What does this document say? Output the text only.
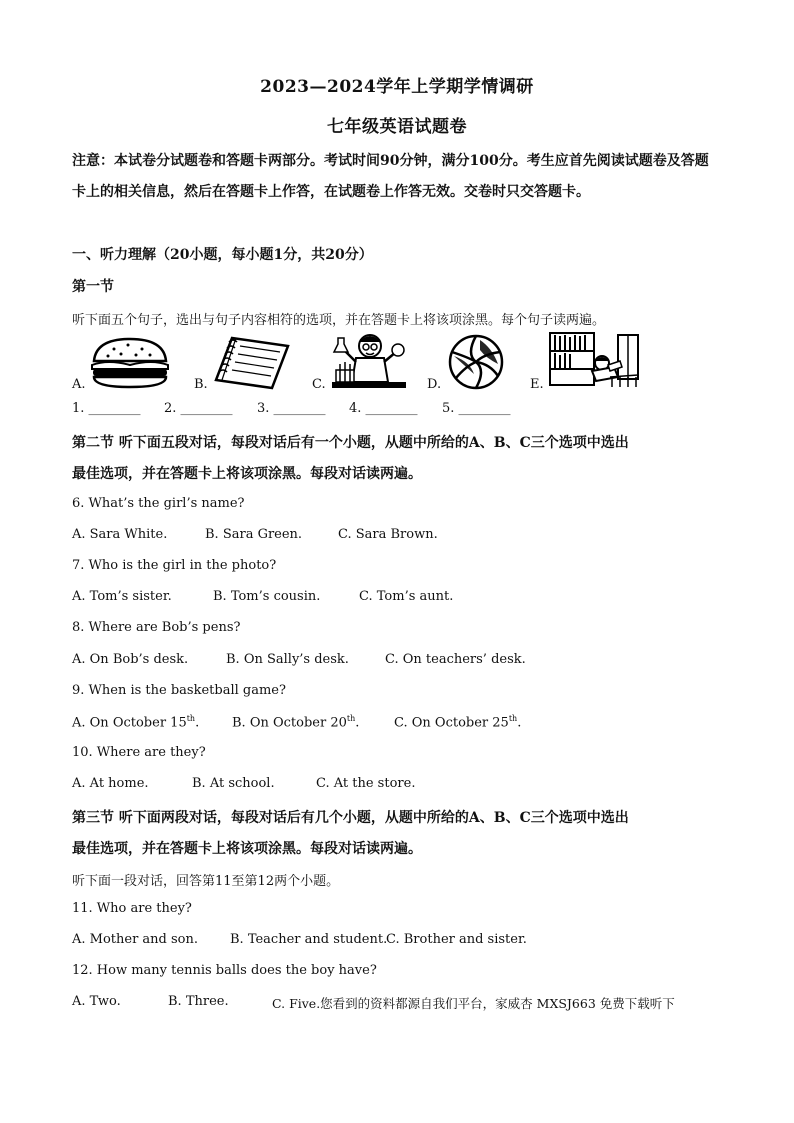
2023—2024学年上学期学情调研
七年级英语试题卷
注意：本试卷分试题卷和答题卡两部分。考试时间90分钟，满分100分。考生应首先阅读试题卷及答题卡上的相关信息，然后在答题卡上作答，在试题卷上作答无效。交卷时只交答题卡。
一、听力理解（20小题，每小题1分，共20分）
第一节
听下面五个句子，选出与句子内容相符的选项，并在答题卡上将该项涂黑。每个句子读两遍。
A.	B.	C.	D.	E.
1. ________ 2. ________ 3. ________ 4. ________ 5. ________
第二节 听下面五段对话，每段对话后有一个小题，从题中所给的A、B、C三个选项中选出
最佳选项，并在答题卡上将该项涂黑。每段对话读两遍。
6. What’s the girl’s name?
A. Sara White.	B. Sara Green.	C. Sara Brown.
7. Who is the girl in the photo?
A. Tom’s sister.	B. Tom’s cousin.	C. Tom’s aunt.
8. Where are Bob’s pens?
A. On Bob’s desk.	B. On Sally’s desk.	C. On teachers’ desk.
9. When is the basketball game?
A. On October 15th.	B. On October 20th.	C. On October 25th.
10. Where are they?
A. At home.	B. At school.	C. At the store.
第三节 听下面两段对话，每段对话后有几个小题，从题中所给的A、B、C三个选项中选出
最佳选项，并在答题卡上将该项涂黑。每段对话读两遍。
听下面一段对话，回答第11至第12两个小题。
11. Who are they?
A. Mother and son. B. Teacher and student.
C. Brother and sister.
12. How many tennis balls does the boy have?
A. Two.	B. Three.	C. Five.您看到的资料都源自我们平台，家威杏 MXSJ663 免费下载听下
